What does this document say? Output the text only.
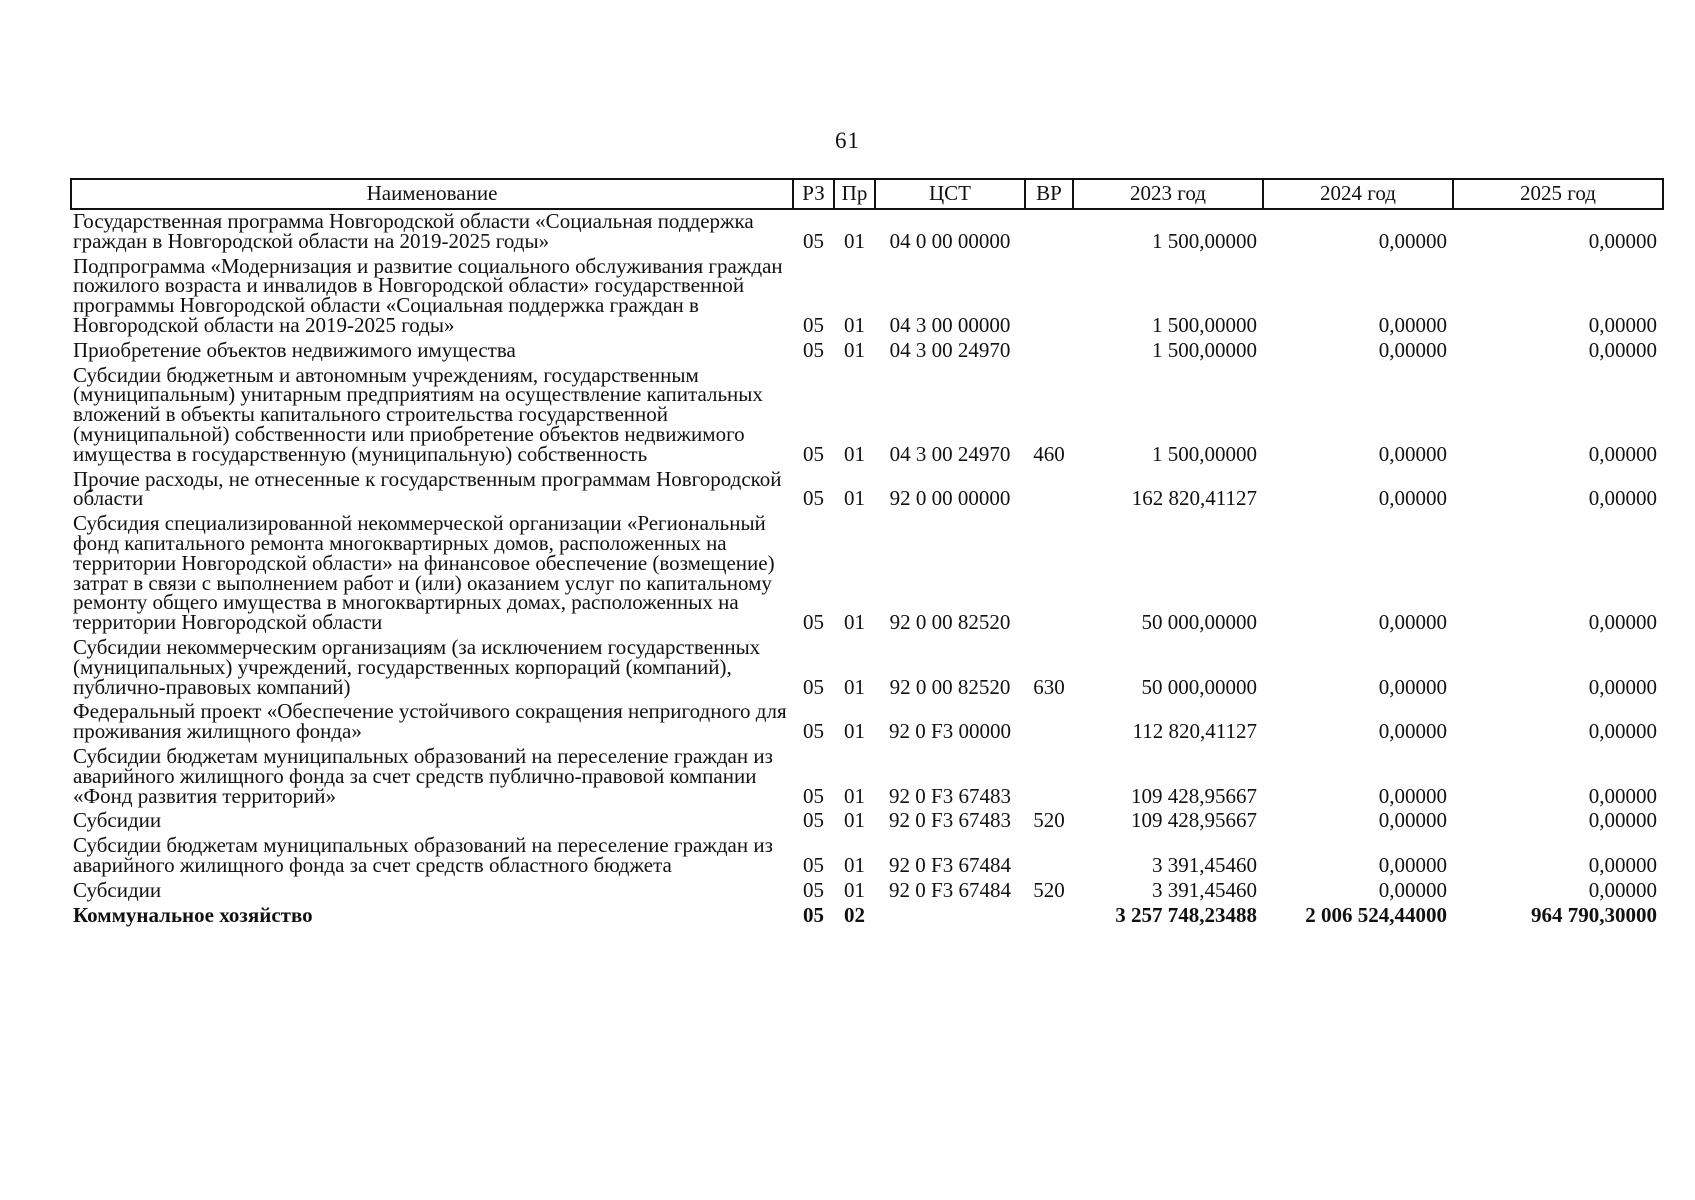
61
Наименование	РЗ	Пр	ЦСТ	ВР	2023 год	2024 год	2025 год
Государственная программа Новгородской области «Социальная поддержка граждан в Новгородской области на 2019-2025 годы»	05	01	04 0 00 00000		1 500,00000	0,00000	0,00000
Подпрограмма «Модернизация и развитие социального обслуживания граждан пожилого возраста и инвалидов в Новгородской области» государственной программы Новгородской области «Социальная поддержка граждан в Новгородской области на 2019-2025 годы»	05	01	04 3 00 00000		1 500,00000	0,00000	0,00000
Приобретение объектов недвижимого имущества	05	01	04 3 00 24970		1 500,00000	0,00000	0,00000
Субсидии бюджетным и автономным учреждениям, государственным (муниципальным) унитарным предприятиям на осуществление капитальных вложений в объекты капитального строительства государственной (муниципальной) собственности или приобретение объектов недвижимого имущества в государственную (муниципальную) собственность	05	01	04 3 00 24970	460	1 500,00000	0,00000	0,00000
Прочие расходы, не отнесенные к государственным программам Новгородской области	05	01	92 0 00 00000		162 820,41127	0,00000	0,00000
Субсидия специализированной некоммерческой организации «Региональный фонд капитального ремонта многоквартирных домов, расположенных на территории Новгородской области» на финансовое обеспечение (возмещение) затрат в связи с выполнением работ и (или) оказанием услуг по капитальному ремонту общего имущества в многоквартирных домах, расположенных на территории Новгородской области	05	01	92 0 00 82520		50 000,00000	0,00000	0,00000
Субсидии некоммерческим организациям (за исключением государственных (муниципальных) учреждений, государственных корпораций (компаний), публично-правовых компаний)	05	01	92 0 00 82520	630	50 000,00000	0,00000	0,00000
Федеральный проект «Обеспечение устойчивого сокращения непригодного для проживания жилищного фонда»	05	01	92 0 F3 00000		112 820,41127	0,00000	0,00000
Субсидии бюджетам муниципальных образований на переселение граждан из аварийного жилищного фонда за счет средств публично-правовой компании «Фонд развития территорий»	05	01	92 0 F3 67483		109 428,95667	0,00000	0,00000
Субсидии	05	01	92 0 F3 67483	520	109 428,95667	0,00000	0,00000
Субсидии бюджетам муниципальных образований на переселение граждан из аварийного жилищного фонда за счет средств областного бюджета	05	01	92 0 F3 67484		3 391,45460	0,00000	0,00000
Субсидии	05	01	92 0 F3 67484	520	3 391,45460	0,00000	0,00000
Коммунальное хозяйство	05	02			3 257 748,23488	2 006 524,44000	964 790,30000
